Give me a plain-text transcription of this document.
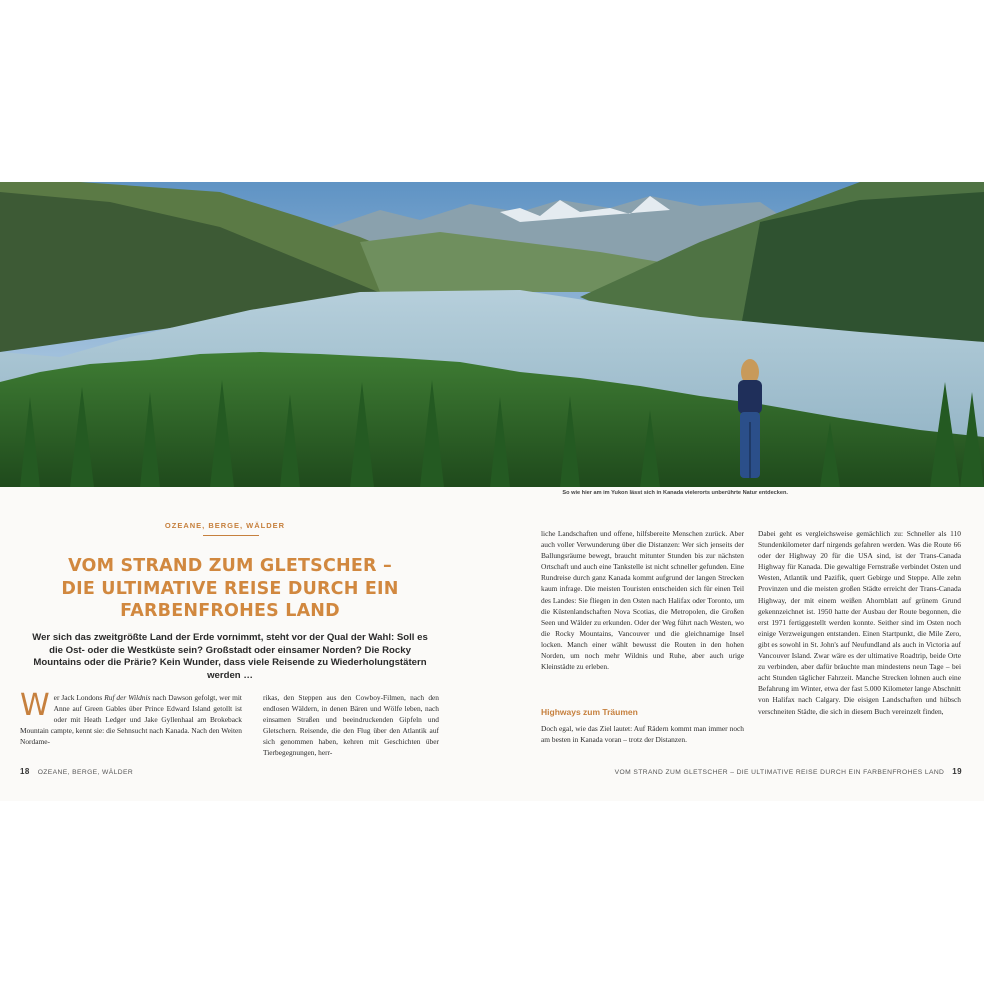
So wie hier am im Yukon lässt sich in Kanada vielerorts unberührte Natur entdecken.
OZEANE, BERGE, WÄLDER
VOM STRAND ZUM GLETSCHER –
DIE ULTIMATIVE REISE DURCH EIN
FARBENFROHES LAND

Wer sich das zweitgrößte Land der Erde vornimmt, steht vor der Qual der Wahl: Soll es die Ost- oder die Westküste sein? Großstadt oder einsamer Norden? Die Rocky Mountains oder die Prärie? Kein Wunder, dass viele Reisende zu Wiederholungstätern werden …

Wer Jack Londons Ruf der Wildnis nach Dawson gefolgt, wer mit Anne auf Green Gables über Prince Edward Island getollt ist oder mit Heath Ledger und Jake Gyllenhaal am Brokeback Mountain campte, kennt sie: die Sehnsucht nach Kanada. Nach den Weiten Nordame-

rikas, den Steppen aus den Cowboy-Filmen, nach den endlosen Wäldern, in denen Bären und Wölfe leben, nach einsamen Straßen und beeindruckenden Gipfeln und Gletschern. Reisende, die den Flug über den Atlantik auf sich genommen haben, kehren mit Geschichten über Tierbegegnungen, herr-

liche Landschaften und offene, hilfsbereite Menschen zurück. Aber auch voller Verwunderung über die Distanzen: Wer sich jenseits der Ballungsräume bewegt, braucht mitunter Stunden bis zur nächsten Ortschaft und auch eine Tankstelle ist nicht schneller gefunden. Eine Rundreise durch ganz Kanada kommt aufgrund der langen Strecken kaum infrage. Die meisten Touristen entscheiden sich für einen Teil des Landes: Sie fliegen in den Osten nach Halifax oder Toronto, um die Küstenlandschaften Nova Scotias, die Metropolen, die Großen Seen und Wälder zu erkunden. Oder der Weg führt nach Westen, wo die Rocky Mountains, Vancouver und die gleichnamige Insel locken. Manch einer wählt bewusst die Routen in den hohen Norden, um noch mehr Wildnis und Ruhe, aber auch urige Kleinstädte zu erleben.

Highways zum Träumen

Doch egal, wie das Ziel lautet: Auf Rädern kommt man immer noch am besten in Kanada voran – trotz der Distanzen.

Dabei geht es vergleichsweise gemächlich zu: Schneller als 110 Stundenkilometer darf nirgends gefahren werden. Was die Route 66 oder der Highway 20 für die USA sind, ist der Trans-Canada Highway für Kanada. Die gewaltige Fernstraße verbindet Osten und Westen, Atlantik und Pazifik, quert Gebirge und Steppe. Alle zehn Provinzen und die meisten großen Städte erreicht der Trans-Canada Highway, der mit einem weißen Ahornblatt auf grünem Grund gekennzeichnet ist. 1950 hatte der Ausbau der Route begonnen, die erst 1971 fertiggestellt werden konnte. Seither sind im Osten noch einige Verzweigungen entstanden. Einen Startpunkt, die Mile Zero, gibt es sowohl in St. John's auf Neufundland als auch in Victoria auf Vancouver Island. Zwar wäre es der ultimative Roadtrip, beide Orte zu verbinden, aber dafür bräuchte man mindestens neun Tage – bei acht Stunden täglicher Fahrzeit. Manche Strecken lohnen auch eine Befahrung im Winter, etwa der fast 5.000 Kilometer lange Abschnitt von Halifax nach Calgary. Die eisigen Landschaften und hübsch verschneiten Städte, die sich in diesem Buch vereinzelt finden,

18 OZEANE, BERGE, WÄLDER	VOM STRAND ZUM GLETSCHER – DIE ULTIMATIVE REISE DURCH EIN FARBENFROHES LAND 19
